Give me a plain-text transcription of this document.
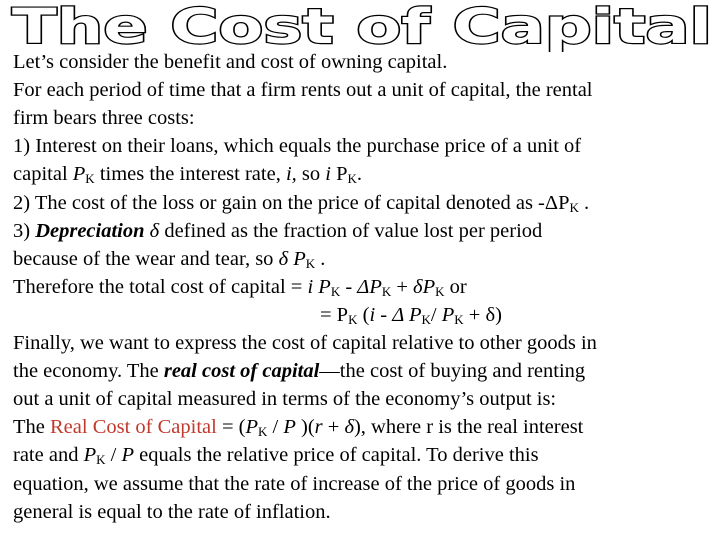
The Cost of Capital
Let’s consider the benefit and cost of owning capital.
For each period of time that a firm rents out a unit of capital, the rental
firm bears three costs:
1) Interest on their loans, which equals the purchase price of a unit of
capital $P_K$ times the interest rate, i, so i $P_K$.
2) The cost of the loss or gain on the price of capital denoted as $-\Delta P_K$ .
3) Depreciation δ defined as the fraction of value lost per period
because of the wear and tear, so δ $P_K$ .
Therefore the total cost of capital = i $P_K - \Delta P_K + \delta P_K$ or
= $P_K$ (i - Δ $P_K/$ $P_K + \delta$)
Finally, we want to express the cost of capital relative to other goods in
the economy. The real cost of capital—the cost of buying and renting
out a unit of capital measured in terms of the economy’s output is:
The Real Cost of Capital = ($P_K$ / P )(r + δ), where r is the real interest
rate and $P_K$ / P equals the relative price of capital. To derive this
equation, we assume that the rate of increase of the price of goods in
general is equal to the rate of inflation.
